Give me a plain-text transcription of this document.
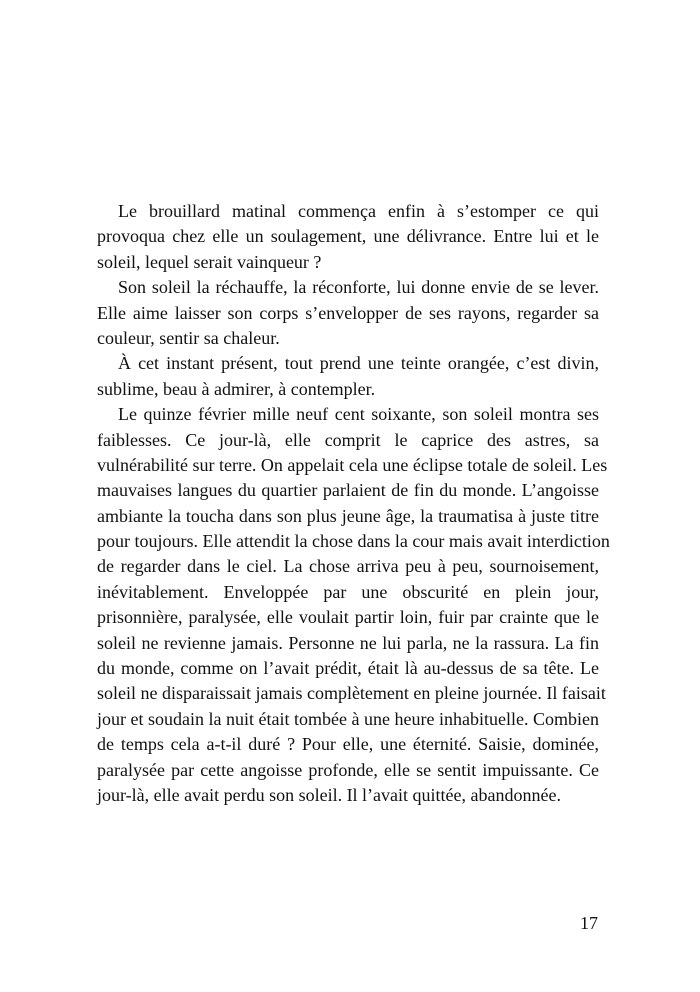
Le brouillard matinal commença enfin à s’estomper ce qui
provoqua chez elle un soulagement, une délivrance. Entre lui et le
soleil, lequel serait vainqueur ?
Son soleil la réchauffe, la réconforte, lui donne envie de se lever.
Elle aime laisser son corps s’envelopper de ses rayons, regarder sa
couleur, sentir sa chaleur.
À cet instant présent, tout prend une teinte orangée, c’est divin,
sublime, beau à admirer, à contempler.
Le quinze février mille neuf cent soixante, son soleil montra ses
faiblesses. Ce jour-là, elle comprit le caprice des astres, sa
vulnérabilité sur terre. On appelait cela une éclipse totale de soleil. Les
mauvaises langues du quartier parlaient de fin du monde. L’angoisse
ambiante la toucha dans son plus jeune âge, la traumatisa à juste titre
pour toujours. Elle attendit la chose dans la cour mais avait interdiction
de regarder dans le ciel. La chose arriva peu à peu, sournoisement,
inévitablement. Enveloppée par une obscurité en plein jour,
prisonnière, paralysée, elle voulait partir loin, fuir par crainte que le
soleil ne revienne jamais. Personne ne lui parla, ne la rassura. La fin
du monde, comme on l’avait prédit, était là au-dessus de sa tête. Le
soleil ne disparaissait jamais complètement en pleine journée. Il faisait
jour et soudain la nuit était tombée à une heure inhabituelle. Combien
de temps cela a-t-il duré ? Pour elle, une éternité. Saisie, dominée,
paralysée par cette angoisse profonde, elle se sentit impuissante. Ce
jour-là, elle avait perdu son soleil. Il l’avait quittée, abandonnée.
17
